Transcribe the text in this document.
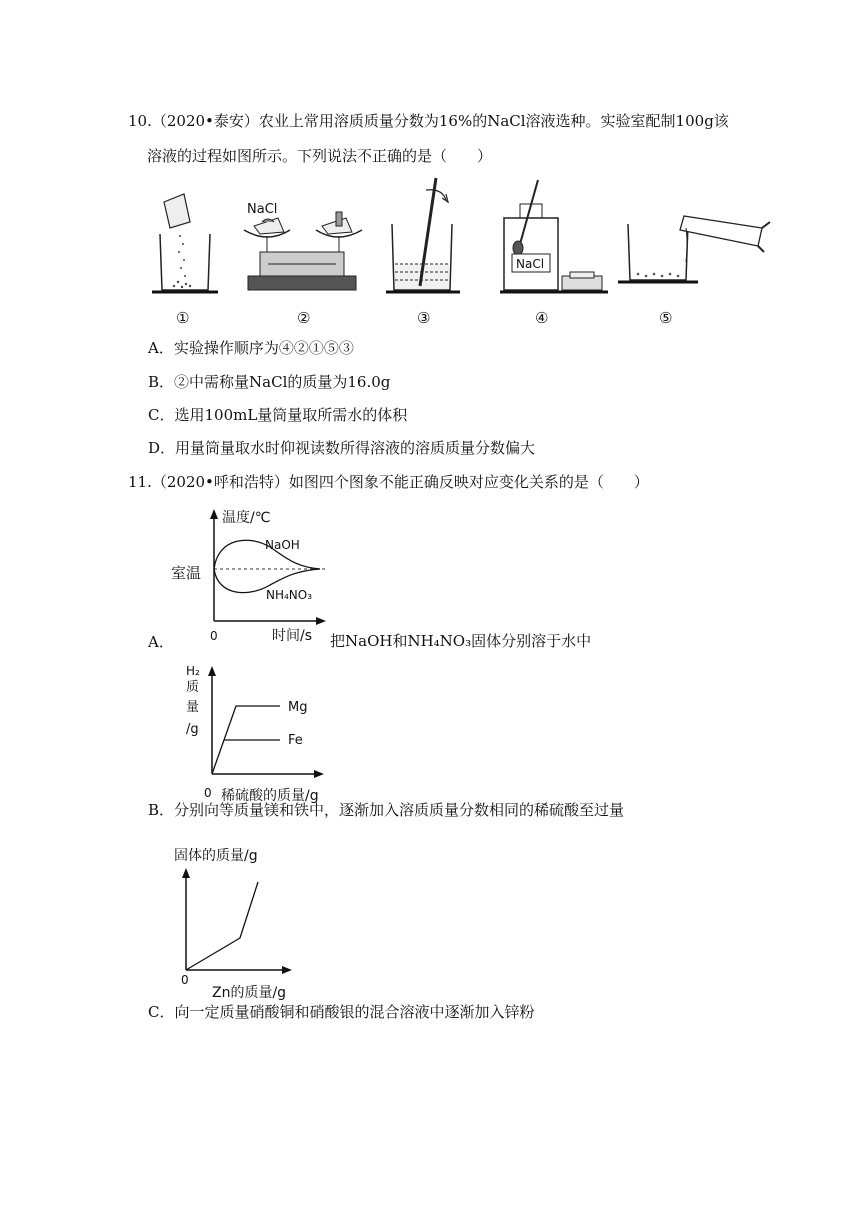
10.（2020•泰安）农业上常用溶质质量分数为16%的NaCl溶液选种。实验室配制100g该
溶液的过程如图所示。下列说法不正确的是（　　）
NaCl
NaCl
①	②	③	④	⑤
A．实验操作顺序为④②①⑤③
B．②中需称量NaCl的质量为16.0g
C．选用100mL量筒量取所需水的体积
D．用量筒量取水时仰视读数所得溶液的溶质质量分数偏大
11.（2020•呼和浩特）如图四个图象不能正确反映对应变化关系的是（　　）
温度/℃
NaOH
室温
NH₄NO₃
0	时间/s
A．	把NaOH和NH₄NO₃固体分别溶于水中
H₂
质
量
/g
Mg
Fe
0 稀硫酸的质量/g
B．分别向等质量镁和铁中，逐渐加入溶质质量分数相同的稀硫酸至过量
固体的质量/g
0
Zn的质量/g
C．向一定质量硝酸铜和硝酸银的混合溶液中逐渐加入锌粉
